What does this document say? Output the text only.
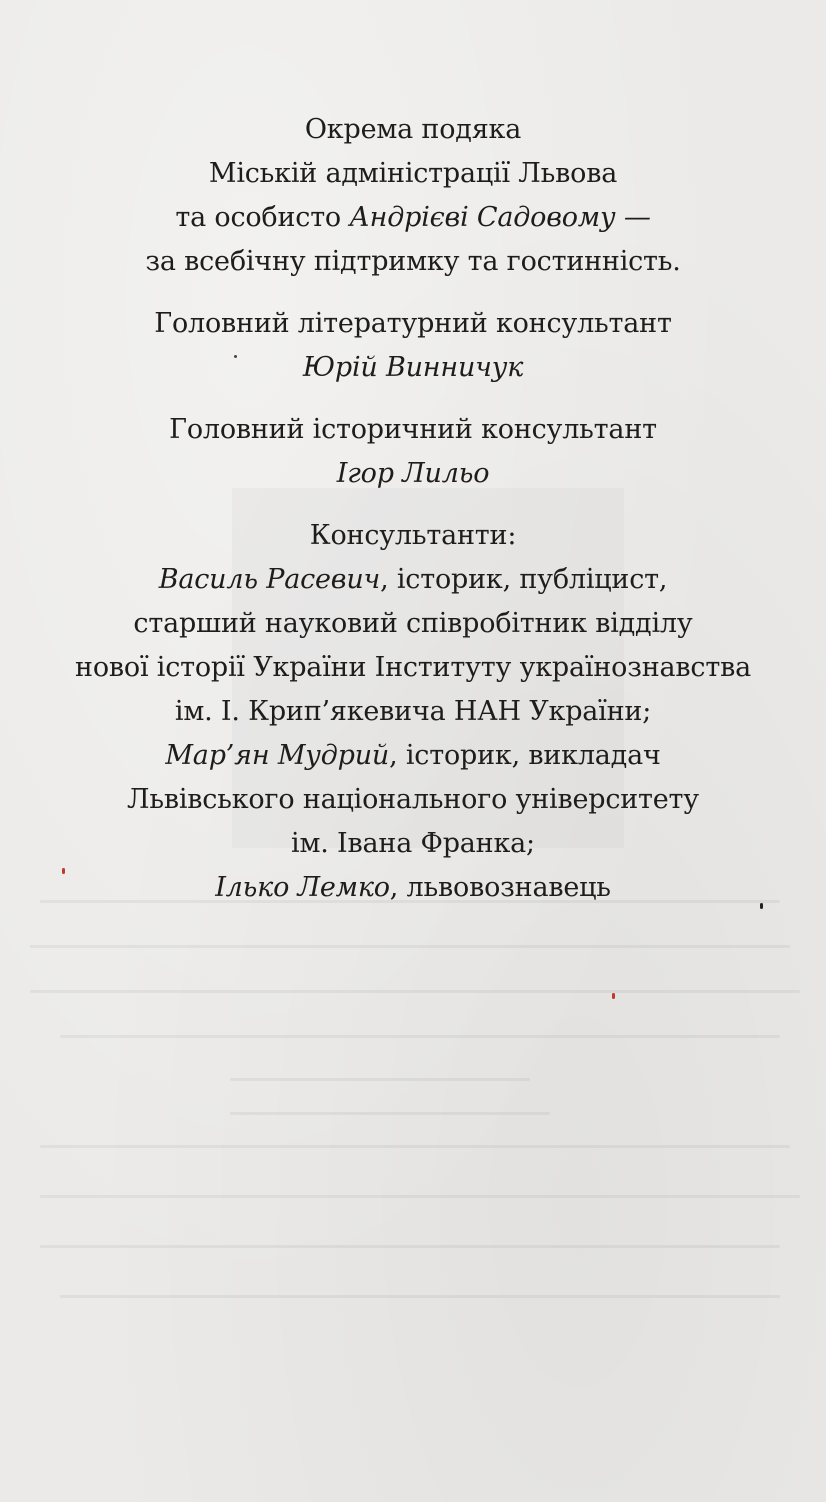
Окрема подяка
Міській адміністрації Львова
та особисто Андрієві Садовому —
за всебічну підтримку та гостинність.
Головний літературний консультант
Юрій Винничук
Головний історичний консультант
Ігор Лильо
Консультанти:
Василь Расевич, історик, публіцист,
старший науковий співробітник відділу
нової історії України Інституту українознавства
ім. І. Крип’якевича НАН України;
Мар’ян Мудрий, історик, викладач
Львівського національного університету
ім. Івана Франка;
Ілько Лемко, львовознавець
